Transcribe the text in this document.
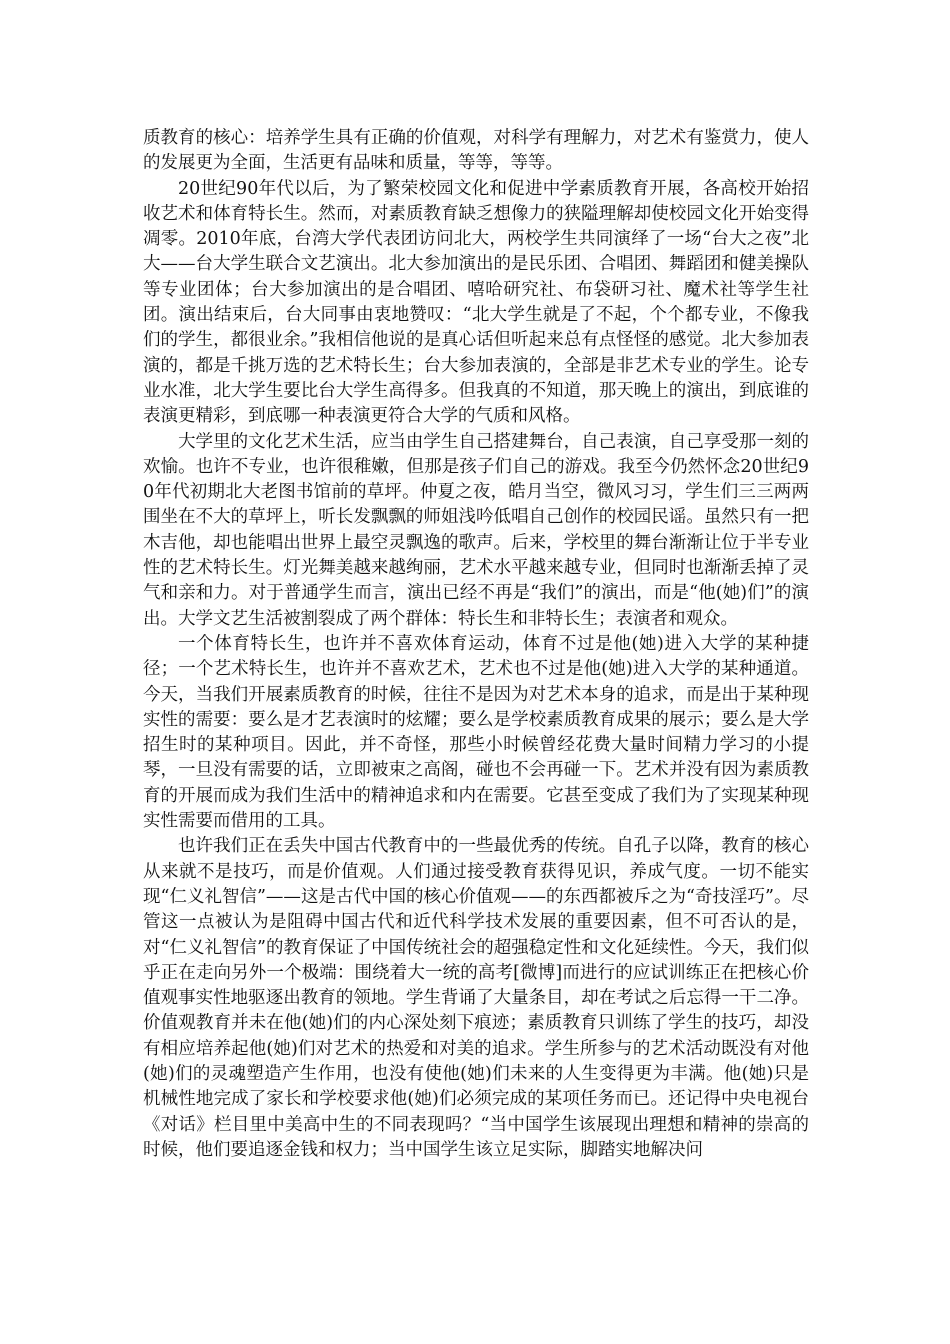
质教育的核心：培养学生具有正确的价值观，对科学有理解力，对艺术有鉴赏力，使人的发展更为全面，生活更有品味和质量，等等，等等。

20世纪90年代以后，为了繁荣校园文化和促进中学素质教育开展，各高校开始招收艺术和体育特长生。然而，对素质教育缺乏想像力的狭隘理解却使校园文化开始变得凋零。2010年底，台湾大学代表团访问北大，两校学生共同演绎了一场“台大之夜”北大——台大学生联合文艺演出。北大参加演出的是民乐团、合唱团、舞蹈团和健美操队等专业团体；台大参加演出的是合唱团、嘻哈研究社、布袋研习社、魔术社等学生社团。演出结束后，台大同事由衷地赞叹：“北大学生就是了不起，个个都专业，不像我们的学生，都很业余。”我相信他说的是真心话但听起来总有点怪怪的感觉。北大参加表演的，都是千挑万选的艺术特长生；台大参加表演的，全部是非艺术专业的学生。论专业水准，北大学生要比台大学生高得多。但我真的不知道，那天晚上的演出，到底谁的表演更精彩，到底哪一种表演更符合大学的气质和风格。

大学里的文化艺术生活，应当由学生自己搭建舞台，自己表演，自己享受那一刻的欢愉。也许不专业，也许很稚嫩，但那是孩子们自己的游戏。我至今仍然怀念20世纪90年代初期北大老图书馆前的草坪。仲夏之夜，皓月当空，微风习习，学生们三三两两围坐在不大的草坪上，听长发飘飘的师姐浅吟低唱自己创作的校园民谣。虽然只有一把木吉他，却也能唱出世界上最空灵飘逸的歌声。后来，学校里的舞台渐渐让位于半专业性的艺术特长生。灯光舞美越来越绚丽，艺术水平越来越专业，但同时也渐渐丢掉了灵气和亲和力。对于普通学生而言，演出已经不再是“我们”的演出，而是“他(她)们”的演出。大学文艺生活被割裂成了两个群体：特长生和非特长生；表演者和观众。

一个体育特长生，也许并不喜欢体育运动，体育不过是他(她)进入大学的某种捷径；一个艺术特长生，也许并不喜欢艺术，艺术也不过是他(她)进入大学的某种通道。今天，当我们开展素质教育的时候，往往不是因为对艺术本身的追求，而是出于某种现实性的需要：要么是才艺表演时的炫耀；要么是学校素质教育成果的展示；要么是大学招生时的某种项目。因此，并不奇怪，那些小时候曾经花费大量时间精力学习的小提琴，一旦没有需要的话，立即被束之高阁，碰也不会再碰一下。艺术并没有因为素质教育的开展而成为我们生活中的精神追求和内在需要。它甚至变成了我们为了实现某种现实性需要而借用的工具。

也许我们正在丢失中国古代教育中的一些最优秀的传统。自孔子以降，教育的核心从来就不是技巧，而是价值观。人们通过接受教育获得见识，养成气度。一切不能实现“仁义礼智信”——这是古代中国的核心价值观——的东西都被斥之为“奇技淫巧”。尽管这一点被认为是阻碍中国古代和近代科学技术发展的重要因素，但不可否认的是，对“仁义礼智信”的教育保证了中国传统社会的超强稳定性和文化延续性。今天，我们似乎正在走向另外一个极端：围绕着大一统的高考[微博]而进行的应试训练正在把核心价值观事实性地驱逐出教育的领地。学生背诵了大量条目，却在考试之后忘得一干二净。价值观教育并未在他(她)们的内心深处刻下痕迹；素质教育只训练了学生的技巧，却没有相应培养起他(她)们对艺术的热爱和对美的追求。学生所参与的艺术活动既没有对他(她)们的灵魂塑造产生作用，也没有使他(她)们未来的人生变得更为丰满。他(她)只是机械性地完成了家长和学校要求他(她)们必须完成的某项任务而已。还记得中央电视台《对话》栏目里中美高中生的不同表现吗？“当中国学生该展现出理想和精神的崇高的时候，他们要追逐金钱和权力；当中国学生该立足实际，脚踏实地解决问
